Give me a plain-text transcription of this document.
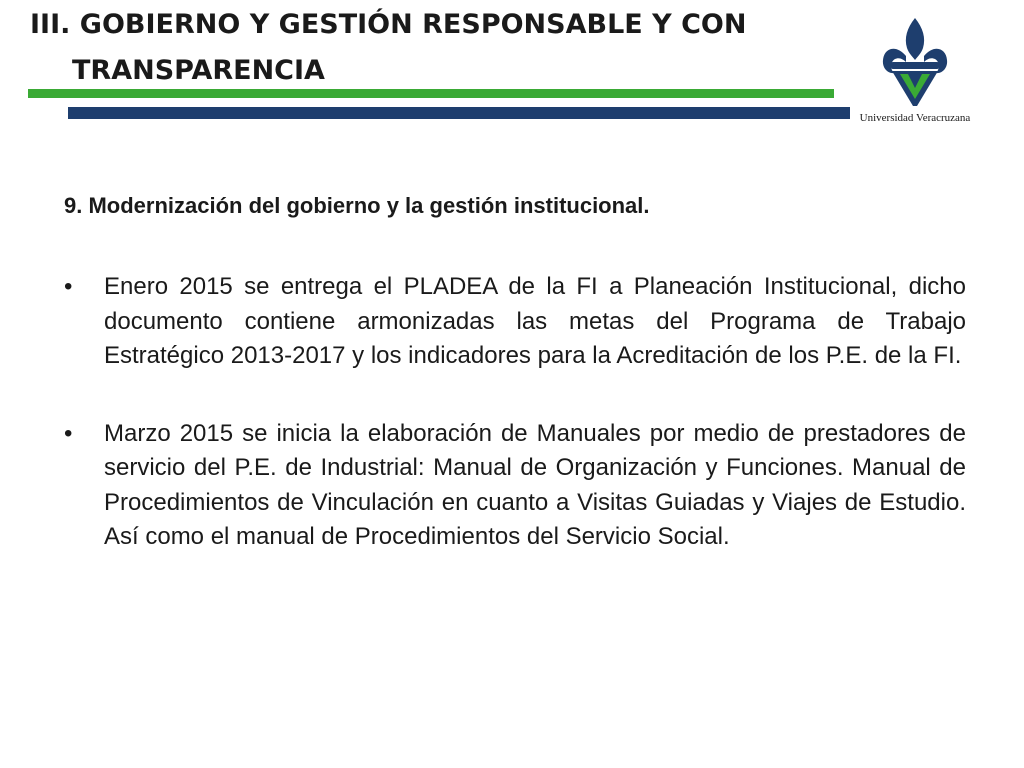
III. GOBIERNO Y GESTIÓN RESPONSABLE Y CON
TRANSPARENCIA
Universidad Veracruzana

9. Modernización del gobierno y la gestión institucional.

• Enero 2015 se entrega el PLADEA de la FI a Planeación Institucional, dicho documento contiene armonizadas las metas del Programa de Trabajo Estratégico 2013-2017 y los indicadores para la Acreditación de los P.E. de la FI.
• Marzo 2015 se inicia la elaboración de Manuales por medio de prestadores de servicio del P.E. de Industrial: Manual de Organización y Funciones. Manual de Procedimientos de Vinculación en cuanto a Visitas Guiadas y Viajes de Estudio. Así como el manual de Procedimientos del Servicio Social.
